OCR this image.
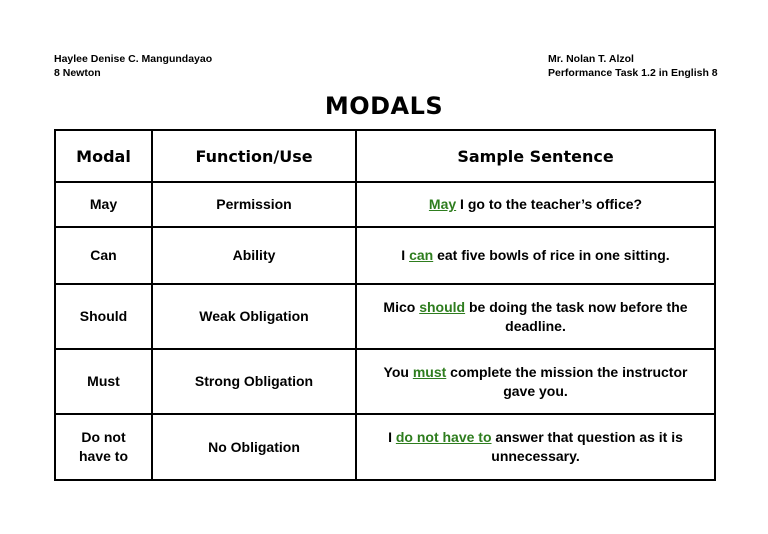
Haylee Denise C. Mangundayao
8 Newton
Mr. Nolan T. Alzol
Performance Task 1.2 in English 8
MODALS
Modal	Function/Use	Sample Sentence
May	Permission	May I go to the teacher’s office?
Can	Ability	I can eat five bowls of rice in one sitting.
Should	Weak Obligation	Mico should be doing the task now before the deadline.
Must	Strong Obligation	You must complete the mission the instructor gave you.
Do not have to	No Obligation	I do not have to answer that question as it is unnecessary.
